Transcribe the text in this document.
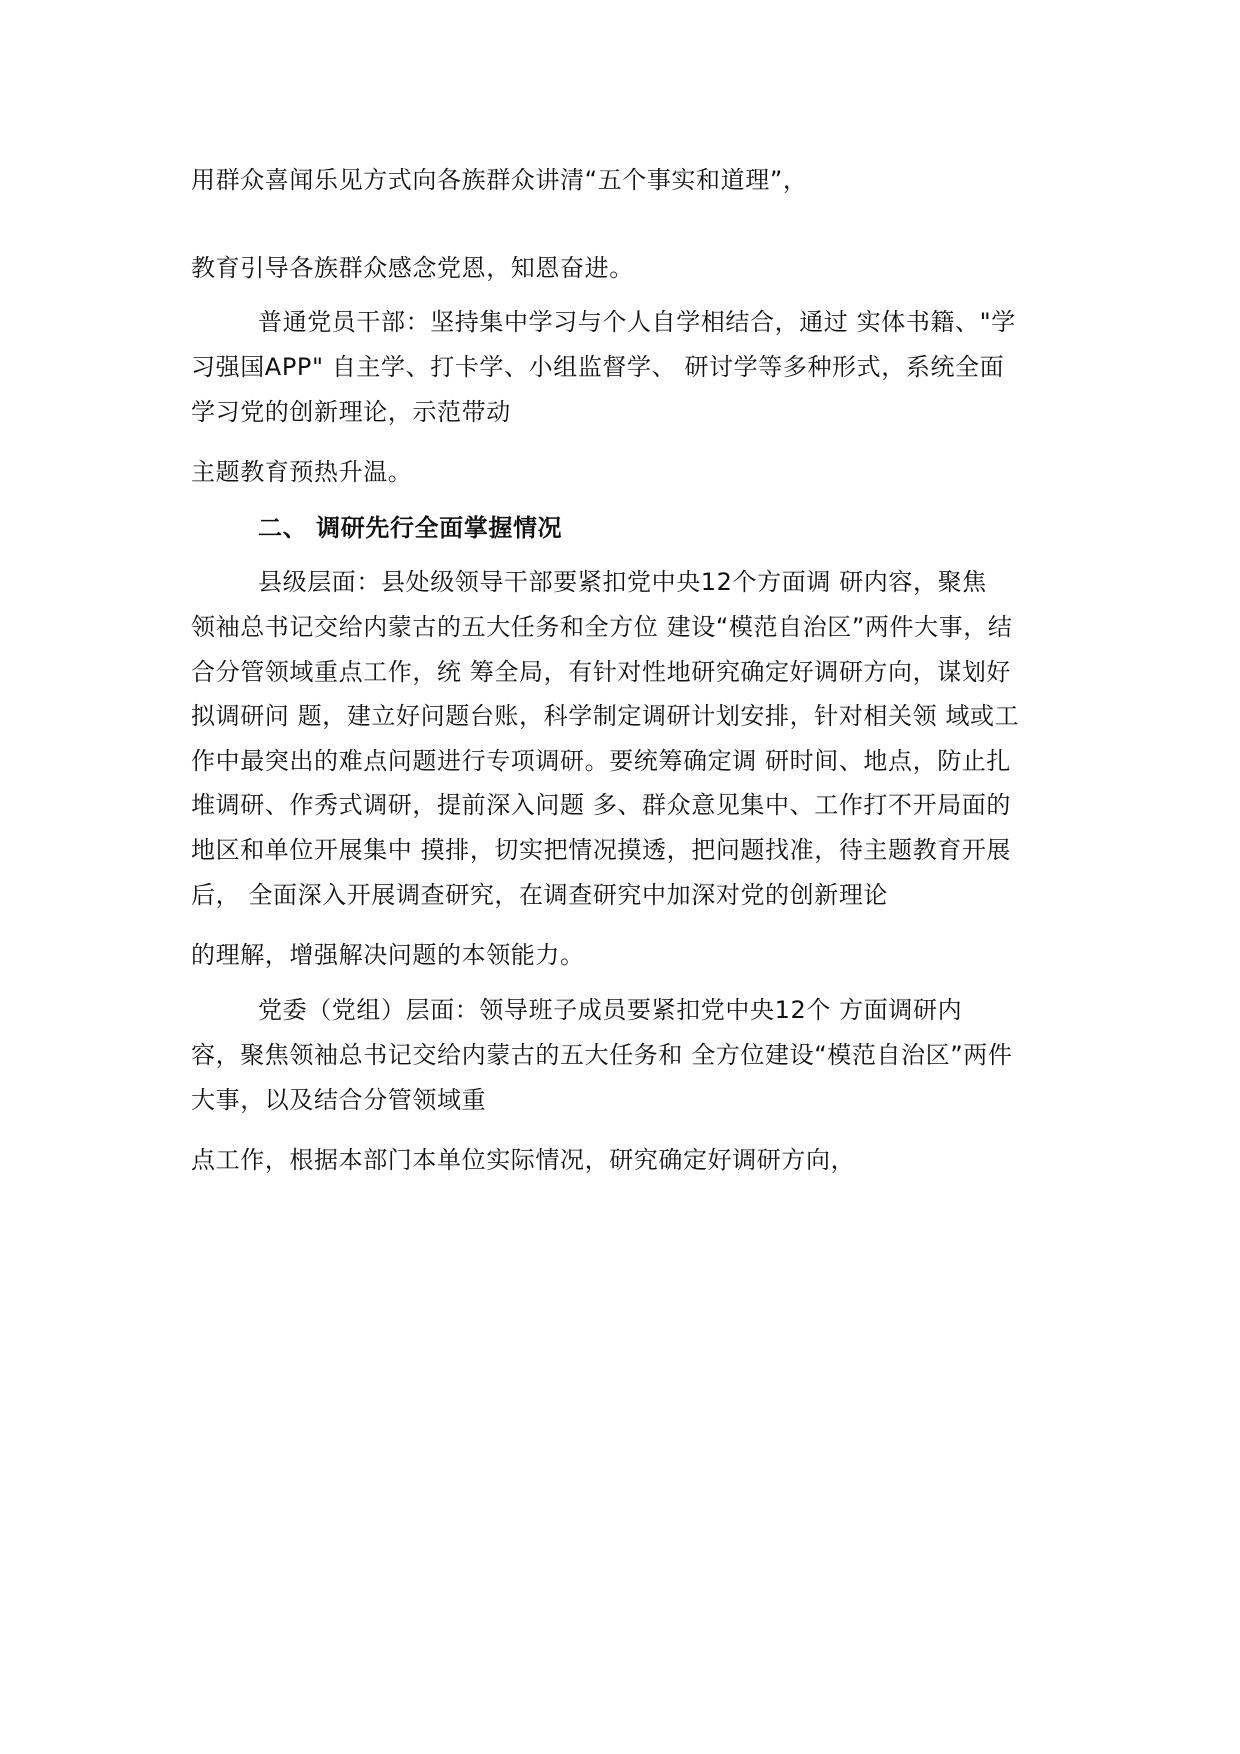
用群众喜闻乐见方式向各族群众讲清“五个事实和道理”，
教育引导各族群众感念党恩，知恩奋进。
普通党员干部：坚持集中学习与个人自学相结合，通过 实体书籍、"学
习强国APP" 自主学、打卡学、小组监督学、 研讨学等多种形式，系统全面
学习党的创新理论，示范带动
主题教育预热升温。
二、 调研先行全面掌握情况
县级层面：县处级领导干部要紧扣党中央12个方面调 研内容，聚焦
领袖总书记交给内蒙古的五大任务和全方位 建设“模范自治区”两件大事，结
合分管领域重点工作，统 筹全局，有针对性地研究确定好调研方向，谋划好
拟调研问 题，建立好问题台账，科学制定调研计划安排，针对相关领 域或工
作中最突出的难点问题进行专项调研。要统筹确定调 研时间、地点，防止扎
堆调研、作秀式调研，提前深入问题 多、群众意见集中、工作打不开局面的
地区和单位开展集中 摸排，切实把情况摸透，把问题找准，待主题教育开展
后， 全面深入开展调查研究，在调查研究中加深对党的创新理论
的理解，增强解决问题的本领能力。
党委（党组）层面：领导班子成员要紧扣党中央12个 方面调研内
容，聚焦领袖总书记交给内蒙古的五大任务和 全方位建设“模范自治区”两件
大事，以及结合分管领域重
点工作，根据本部门本单位实际情况，研究确定好调研方向，
